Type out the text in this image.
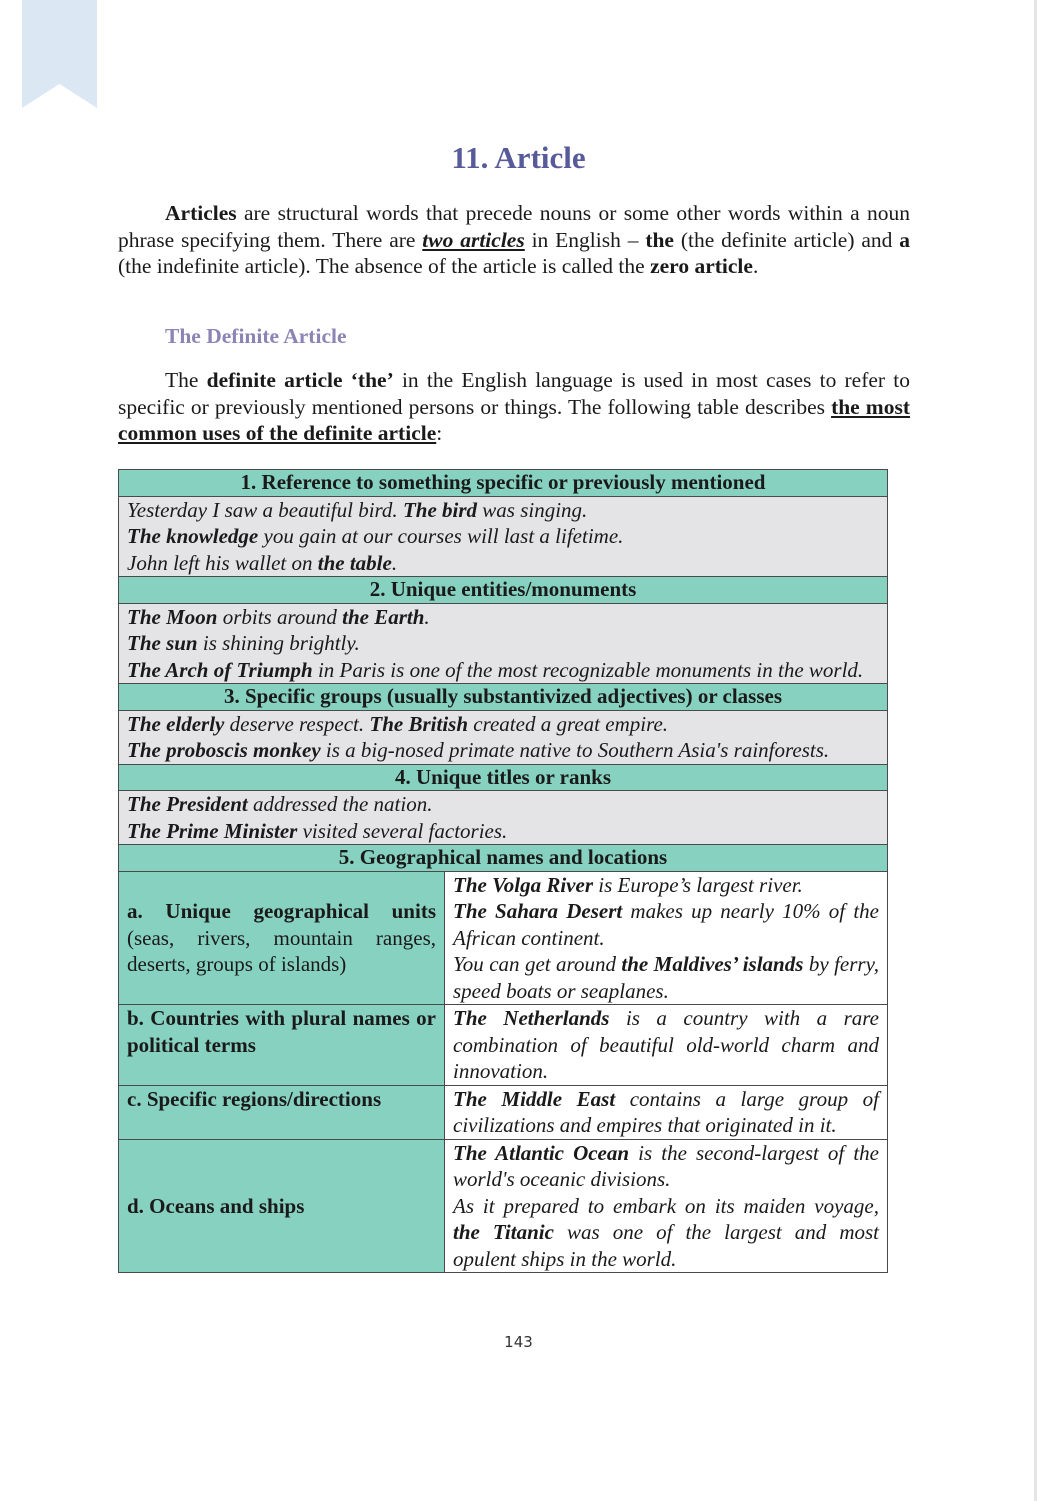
11. Article

Articles are structural words that precede nouns or some other words within a noun phrase specifying them. There are two articles in English – the (the definite article) and a (the indefinite article). The absence of the article is called the zero article.

The Definite Article

The definite article ‘the’ in the English language is used in most cases to refer to specific or previously mentioned persons or things. The following table describes the most common uses of the definite article:

1. Reference to something specific or previously mentioned	

Yesterday I saw a beautiful bird. The bird was singing.
The knowledge you gain at our courses will last a lifetime.
John left his wallet on the table.	

2. Unique entities/monuments	

The Moon orbits around the Earth.
The sun is shining brightly.
The Arch of Triumph in Paris is one of the most recognizable monuments in the world.	

3. Specific groups (usually substantivized adjectives) or classes	

The elderly deserve respect. The British created a great empire.
The proboscis monkey is a big-nosed primate native to Southern Asia's rainforests.	

4. Unique titles or ranks	

The President addressed the nation.
The Prime Minister visited several factories.	

5. Geographical names and locations	
a. Unique geographical units (seas, rivers, mountain ranges, deserts, groups of islands)	The Volga River is Europe’s largest river.
The Sahara Desert makes up nearly 10% of the African continent.
You can get around the Maldives’ islands by ferry, speed boats or seaplanes.

b. Countries with plural names or political terms	The Netherlands is a country with a rare combination of beautiful old-world charm and innovation.

c. Specific regions/directions	The Middle East contains a large group of civilizations and empires that originated in it.

d. Oceans and ships	The Atlantic Ocean is the second-largest of the world's oceanic divisions.
As it prepared to embark on its maiden voyage, the Titanic was one of the largest and most opulent ships in the world.
143
